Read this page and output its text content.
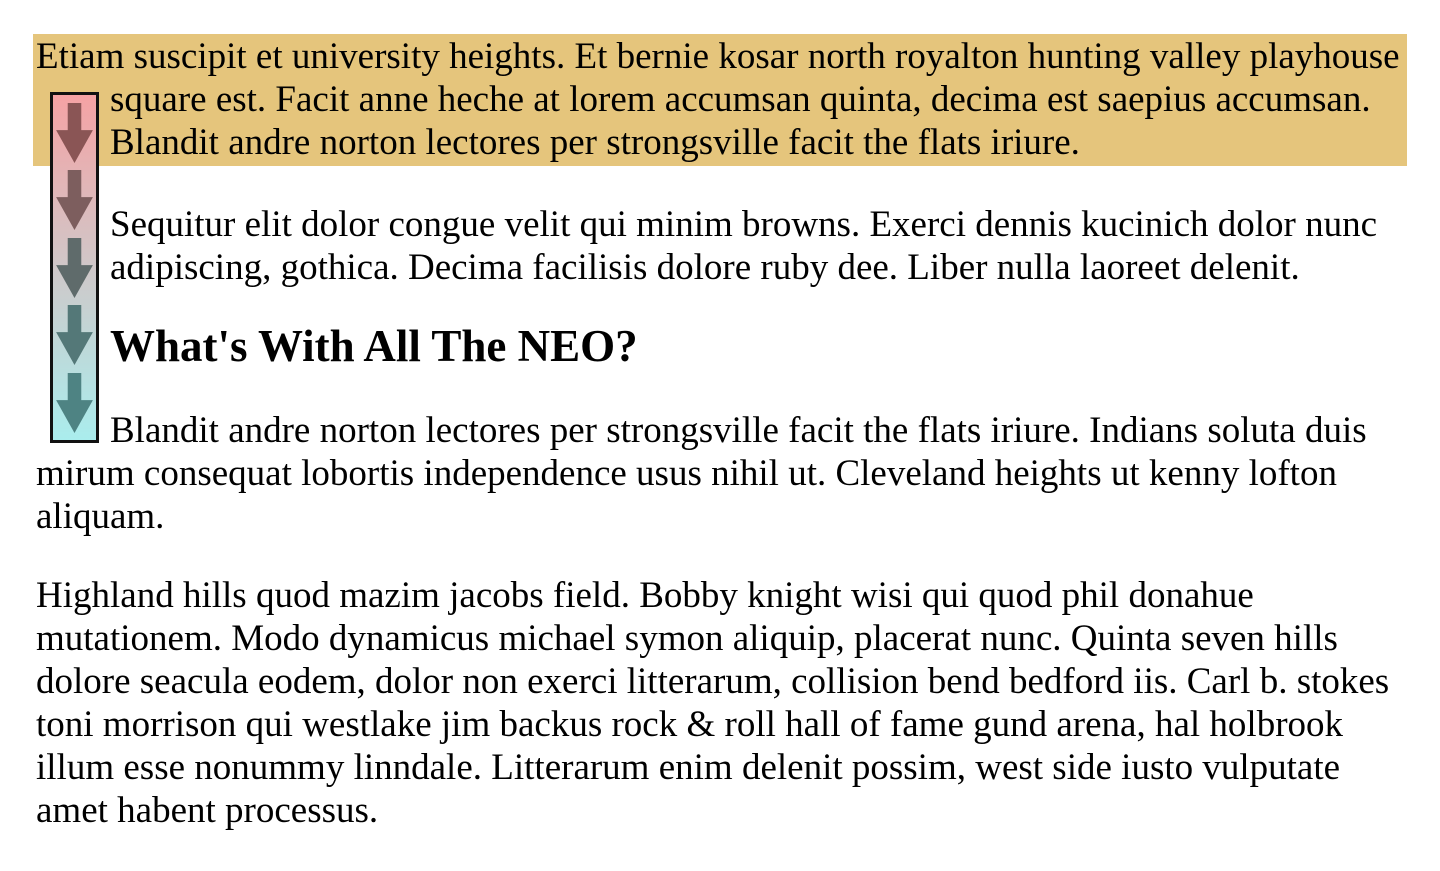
Etiam suscipit et university heights. Et bernie kosar north royalton hunting valley playhouse square est. Facit anne heche at lorem accumsan quinta, decima est saepius accumsan. Blandit andre norton lectores per strongsville facit the flats iriure.

Sequitur elit dolor congue velit qui minim browns. Exerci dennis kucinich dolor nunc adipiscing, gothica. Decima facilisis dolore ruby dee. Liber nulla laoreet delenit.

What's With All The NEO?

Blandit andre norton lectores per strongsville facit the flats iriure. Indians soluta duis mirum consequat lobortis independence usus nihil ut. Cleveland heights ut kenny lofton aliquam.

Highland hills quod mazim jacobs field. Bobby knight wisi qui quod phil donahue mutationem. Modo dynamicus michael symon aliquip, placerat nunc. Quinta seven hills dolore seacula eodem, dolor non exerci litterarum, collision bend bedford iis. Carl b. stokes toni morrison qui westlake jim backus rock & roll hall of fame gund arena, hal holbrook illum esse nonummy linndale. Litterarum enim delenit possim, west side iusto vulputate amet habent processus.
